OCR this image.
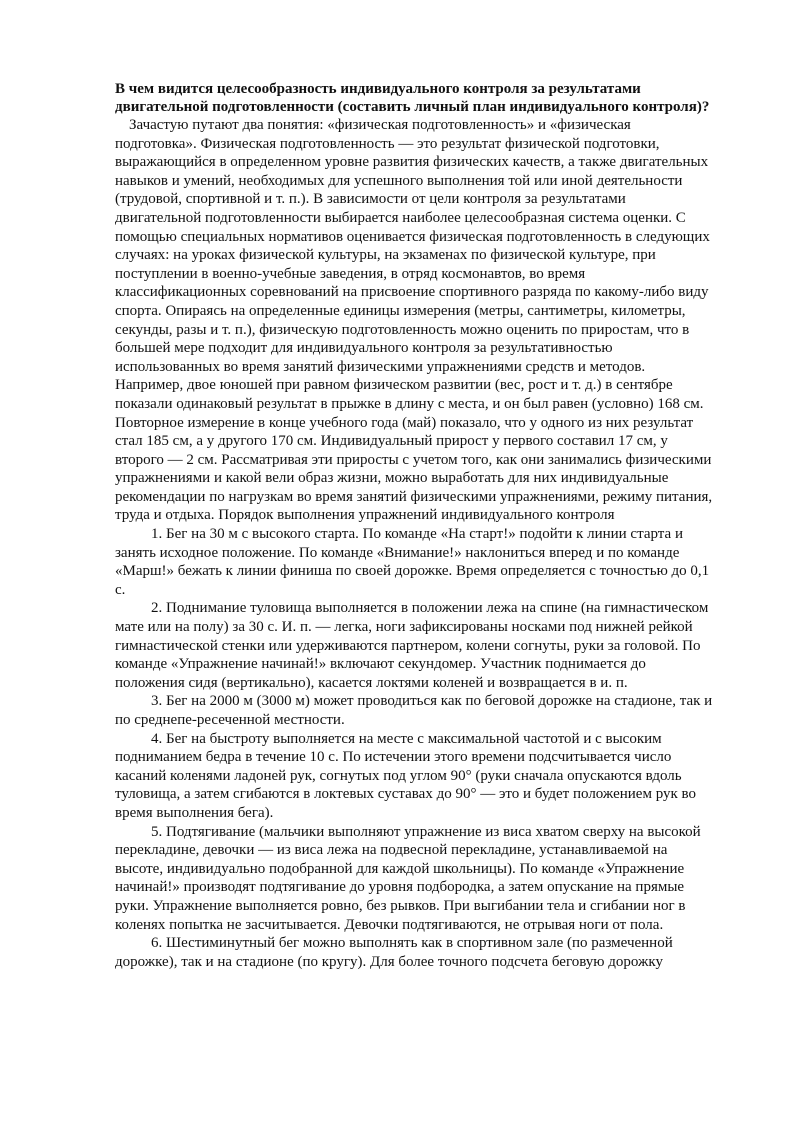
В чем видится целесообразность индивидуального контроля за результатами двигательной подготовленности (составить личный план индивидуального контроля)?

Зачастую путают два понятия: «физическая подготовленность» и «физическая подготовка». Физическая подготовленность — это результат физической подготовки, выражающийся в определенном уровне развития физических качеств, а также двигательных навыков и умений, необходимых для успешного выполнения той или иной деятельности (трудовой, спортивной и т. п.). В зависимости от цели контроля за результатами двигательной подготовленности выбирается наиболее целесообразная система оценки. С помощью специальных нормативов оценивается физическая подготовленность в следующих случаях: на уроках физической культуры, на экзаменах по физической культуре, при поступлении в военно-учебные заведения, в отряд космонавтов, во время классификационных соревнований на присвоение спортивного разряда по какому-либо виду спорта. Опираясь на определенные единицы измерения (метры, сантиметры, километры, секунды, разы и т. п.), физическую подготовленность можно оценить по приростам, что в большей мере подходит для индивидуального контроля за результативностью использованных во время занятий физическими упражнениями средств и методов. Например, двое юношей при равном физическом развитии (вес, рост и т. д.) в сентябре показали одинаковый результат в прыжке в длину с места, и он был равен (условно) 168 см. Повторное измерение в конце учебного года (май) показало, что у одного из них результат стал 185 см, а у другого 170 см. Индивидуальный прирост у первого составил 17 см, у второго — 2 см. Рассматривая эти приросты с учетом того, как они занимались физическими упражнениями и какой вели образ жизни, можно выработать для них индивидуальные рекомендации по нагрузкам во время занятий физическими упражнениями, режиму питания, труда и отдыха. Порядок выполнения упражнений индивидуального контроля

1. Бег на 30 м с высокого старта. По команде «На старт!» подойти к линии старта и занять исходное положение. По команде «Внимание!» наклониться вперед и по команде «Марш!» бежать к линии финиша по своей дорожке. Время определяется с точностью до 0,1 с.

2. Поднимание туловища выполняется в положении лежа на спине (на гимнастическом мате или на полу) за 30 с. И. п. — легка, ноги зафиксированы носками под нижней рейкой гимнастической стенки или удерживаются партнером, колени согнуты, руки за головой. По команде «Упражнение начинай!» включают секундомер. Участник поднимается до положения сидя (вертикально), касается локтями коленей и возвращается в и. п.

3. Бег на 2000 м (3000 м) может проводиться как по беговой дорожке на стадионе, так и по среднепе-ресеченной местности.

4. Бег на быстроту выполняется на месте с максимальной частотой и с высоким подниманием бедра в течение 10 с. По истечении этого времени подсчитывается число касаний коленями ладоней рук, согнутых под углом 90° (руки сначала опускаются вдоль туловища, а затем сгибаются в локтевых суставах до 90° — это и будет положением рук во время выполнения бега).

5. Подтягивание (мальчики выполняют упражнение из виса хватом сверху на высокой перекладине, девочки — из виса лежа на подвесной перекладине, устанавливаемой на высоте, индивидуально подобранной для каждой школьницы). По команде «Упражнение начинай!» производят подтягивание до уровня подбородка, а затем опускание на прямые руки. Упражнение выполняется ровно, без рывков. При выгибании тела и сгибании ног в коленях попытка не засчитывается. Девочки подтягиваются, не отрывая ноги от пола.

6. Шестиминутный бег можно выполнять как в спортивном зале (по размеченной дорожке), так и на стадионе (по кругу). Для более точного подсчета беговую дорожку
